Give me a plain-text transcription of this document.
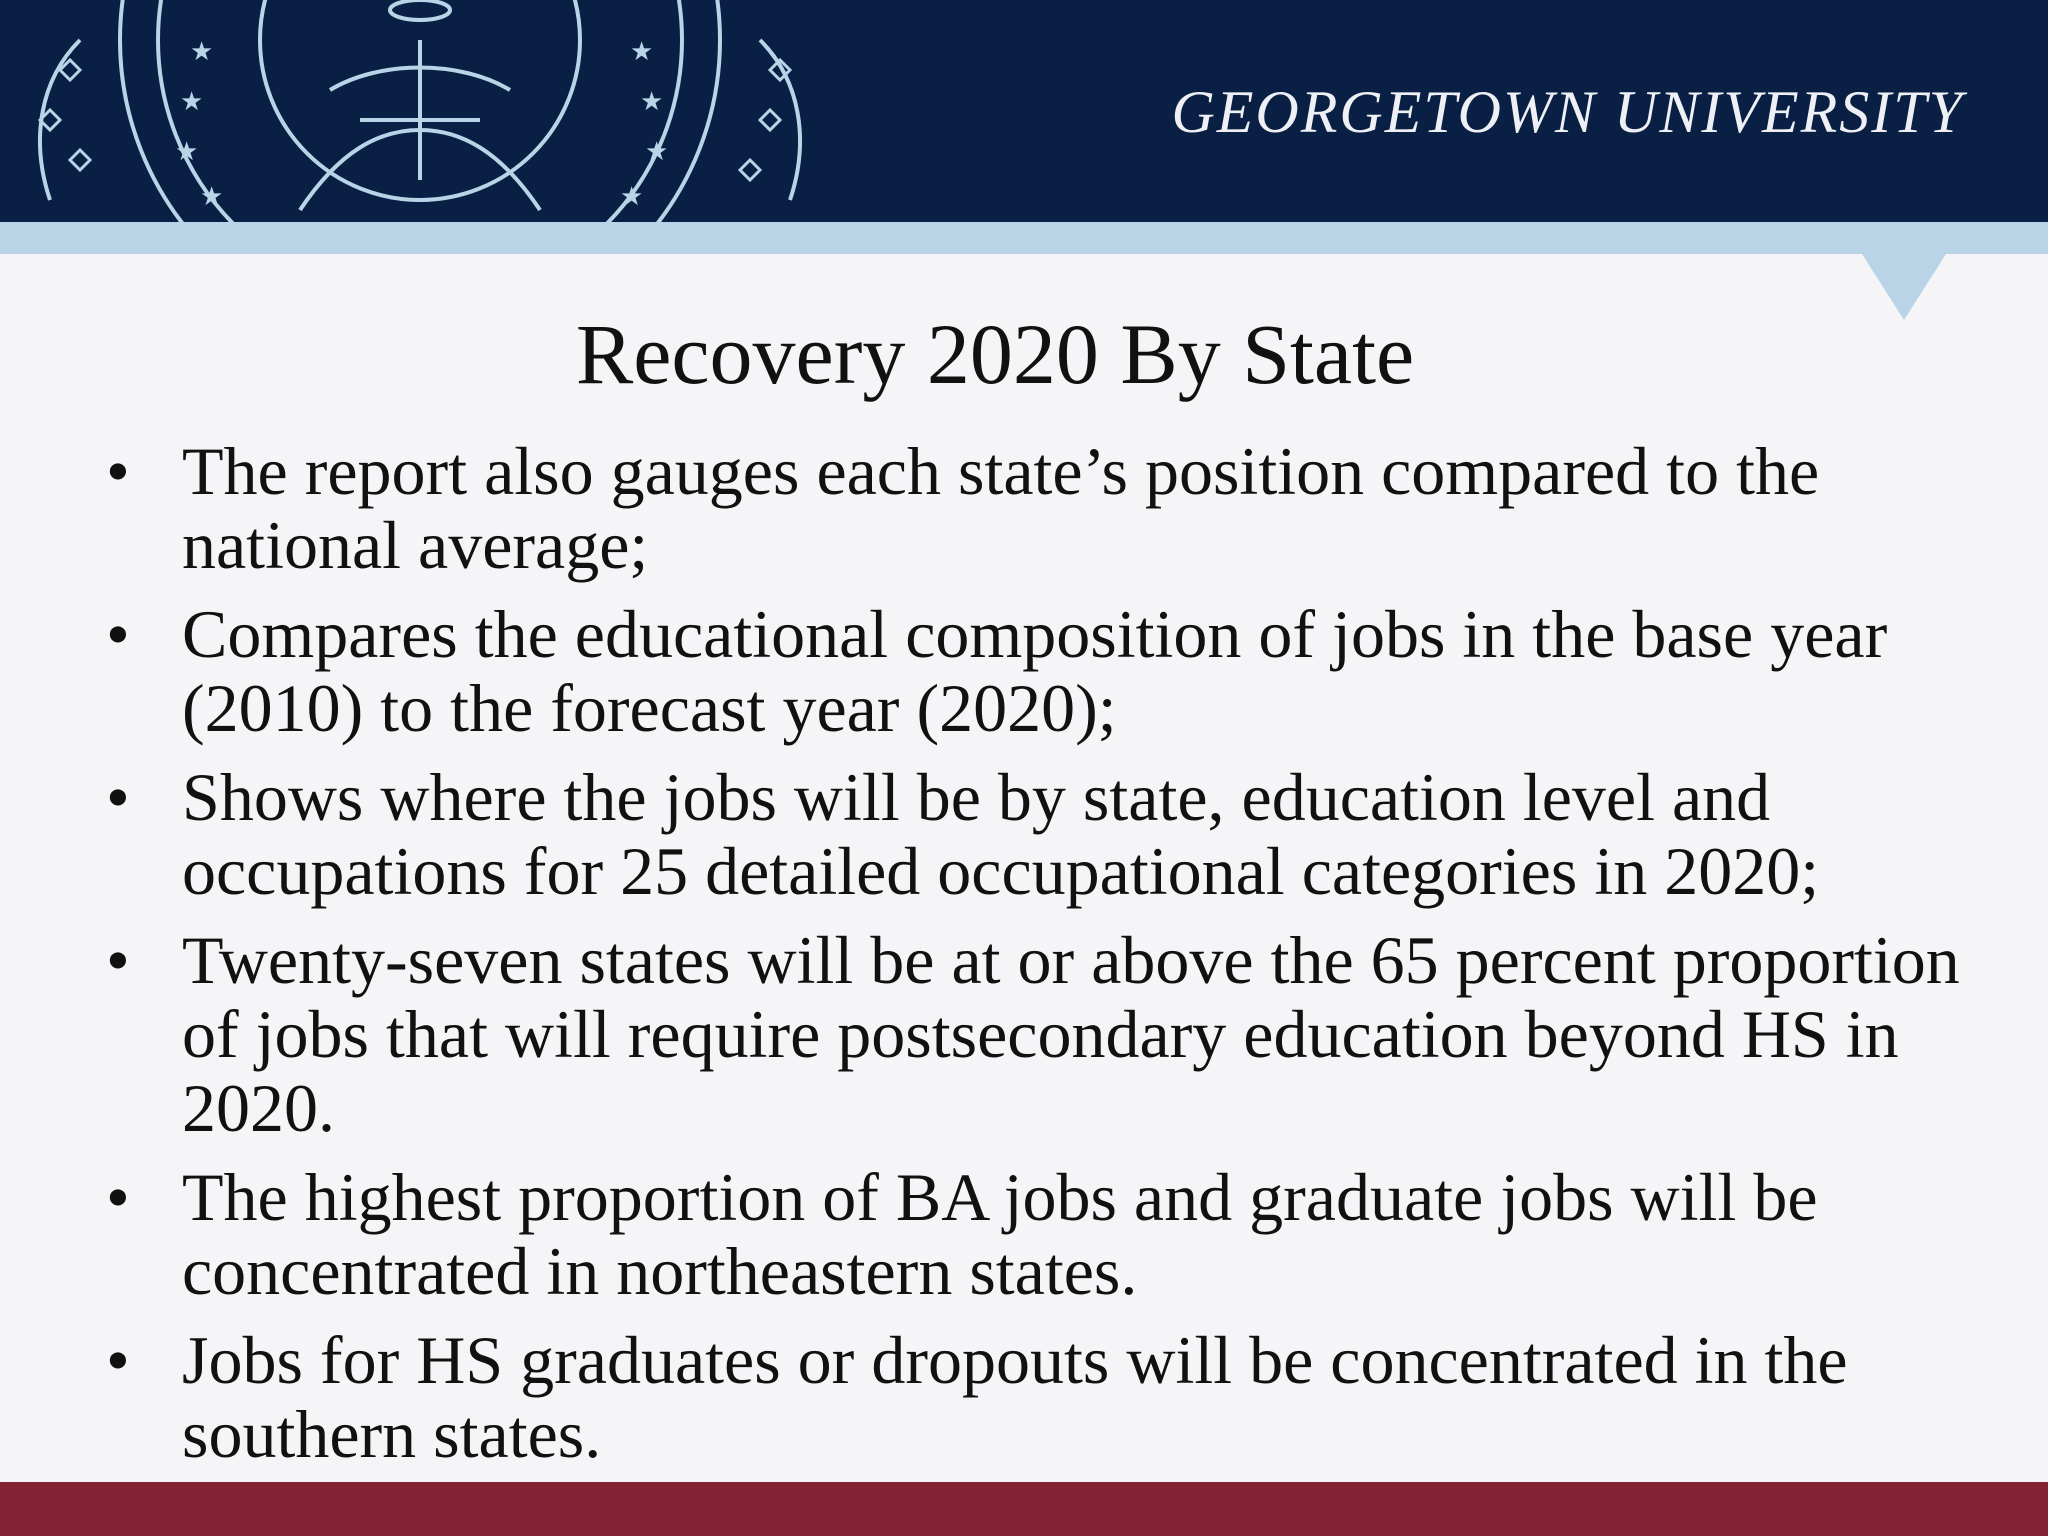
★
★
★
★
★
★
★
★
GEORGETOWN UNIVERSITY
Recovery 2020 By State
• The report also gauges each state’s position compared to the national average;
• Compares the educational composition of jobs in the base year (2010) to the forecast year (2020);
• Shows where the jobs will be by state, education level and occupations for 25 detailed occupational categories in 2020;
• Twenty-seven states will be at or above the 65 percent proportion of jobs that will require postsecondary education beyond HS in 2020.
• The highest proportion of BA jobs and graduate jobs will be concentrated in northeastern states.
• Jobs for HS graduates or dropouts will be concentrated in the southern states.
